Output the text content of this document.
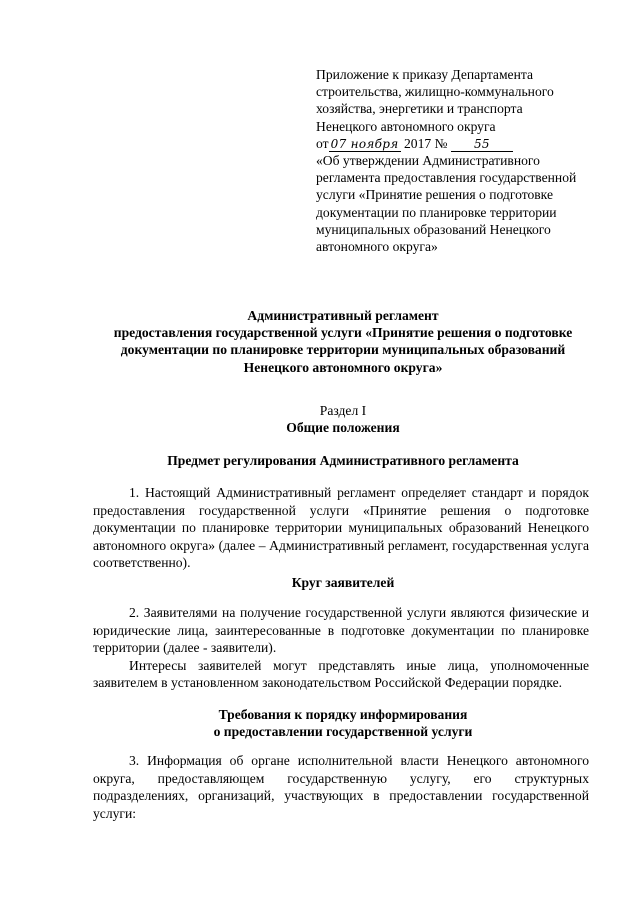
Приложение к приказу Департамента

строительства, жилищно-коммунального

хозяйства, энергетики и транспорта

Ненецкого автономного округа

от 07 ноября 2017 № 55

«Об утверждении Административного

регламента предоставления государственной

услуги «Принятие решения о подготовке

документации по планировке территории

муниципальных образований Ненецкого

автономного округа»

Административный регламент

предоставления государственной услуги «Принятие решения о подготовке

документации по планировке территории муниципальных образований

Ненецкого автономного округа»

Раздел I

Общие положения

Предмет регулирования Административного регламента

1. Настоящий Административный регламент определяет стандарт и порядок предоставления государственной услуги «Принятие решения о подготовке документации по планировке территории муниципальных образований Ненецкого автономного округа» (далее – Административный регламент, государственная услуга соответственно).

Круг заявителей

2. Заявителями на получение государственной услуги являются физические и юридические лица, заинтересованные в подготовке документации по планировке территории (далее - заявители).

Интересы заявителей могут представлять иные лица, уполномоченные заявителем в установленном законодательством Российской Федерации порядке.

Требования к порядку информирования

о предоставлении государственной услуги

3. Информация об органе исполнительной власти Ненецкого автономного округа, предоставляющем государственную услугу, его структурных подразделениях, организаций, участвующих в предоставлении государственной услуги:
